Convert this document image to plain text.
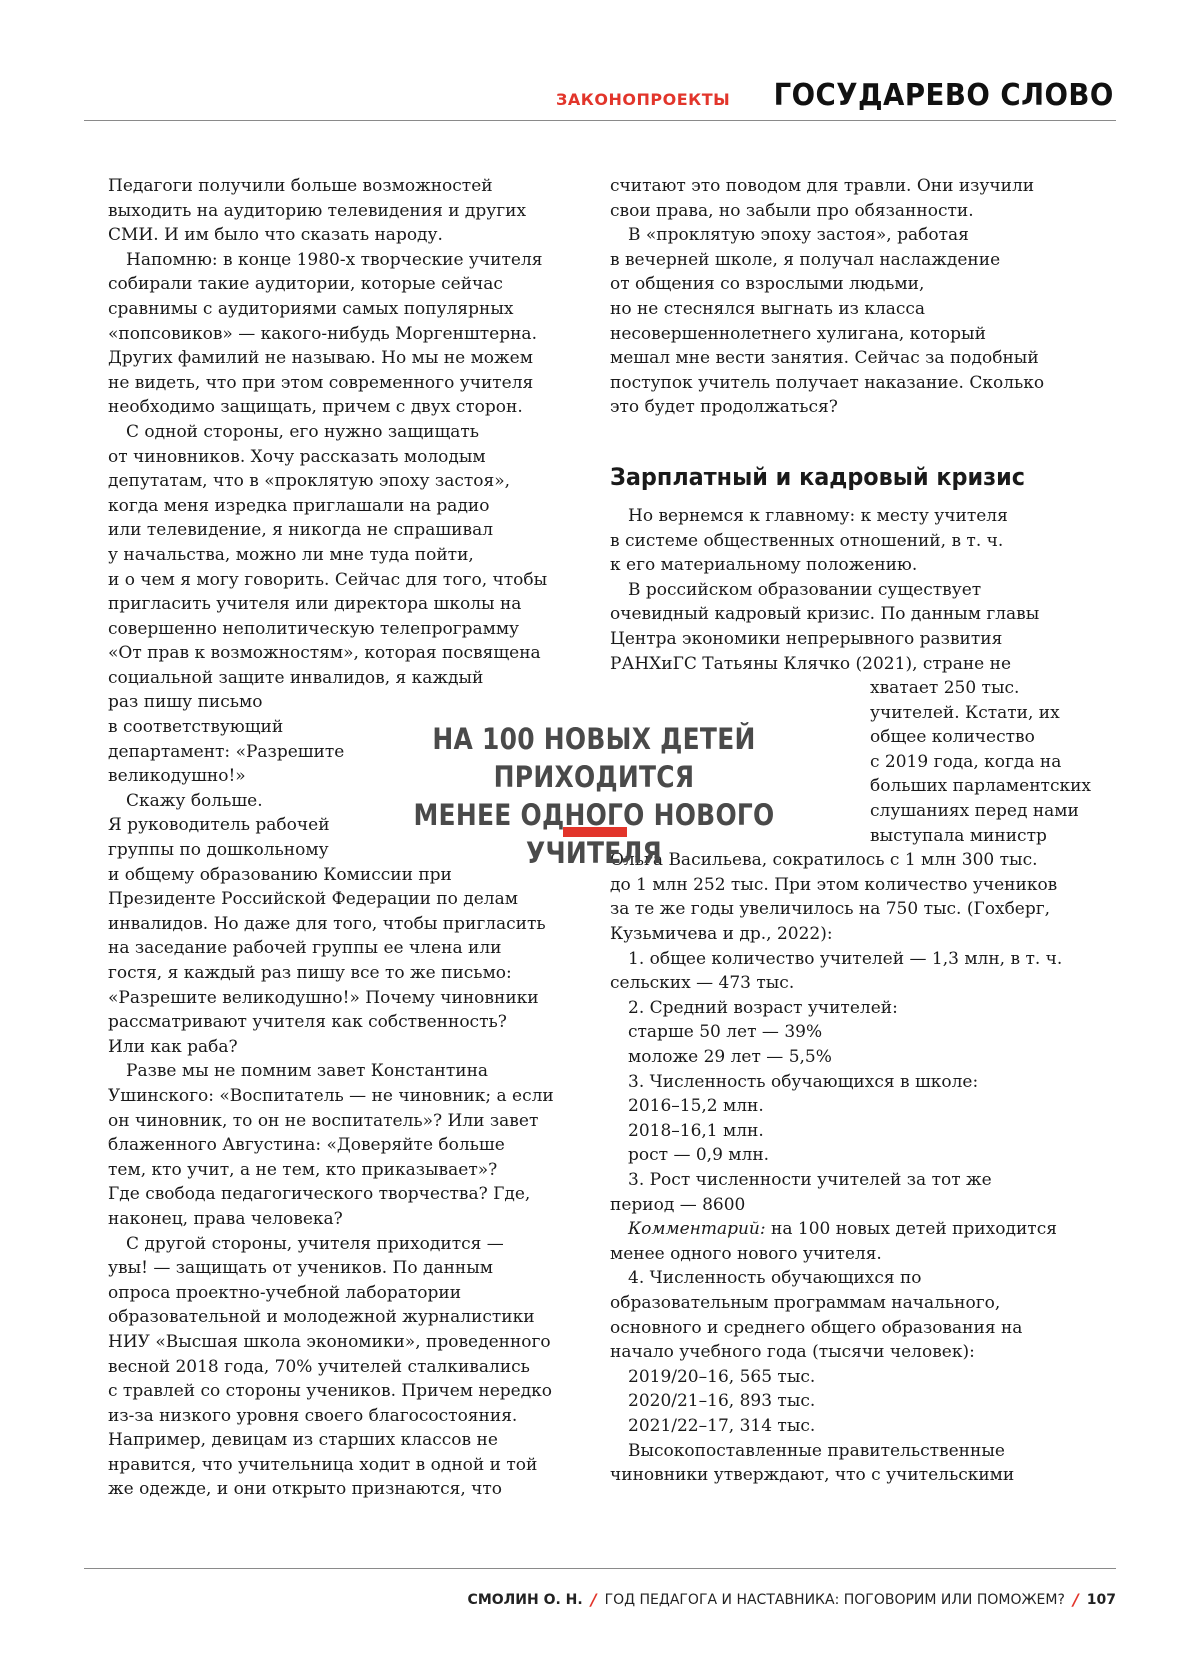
ЗАКОНОПРОЕКТЫ ГОСУДАРЕВО СЛОВО
Педагоги получили больше возможностей
выходить на аудиторию телевидения и других
СМИ. И им было что сказать народу.
Напомню: в конце 1980-х творческие учителя
собирали такие аудитории, которые сейчас
сравнимы с аудиториями самых популярных
«попсовиков» — какого-нибудь Моргенштерна.
Других фамилий не называю. Но мы не можем
не видеть, что при этом современного учителя
необходимо защищать, причем с двух сторон.
С одной стороны, его нужно защищать
от чиновников. Хочу рассказать молодым
депутатам, что в «проклятую эпоху застоя»,
когда меня изредка приглашали на радио
или телевидение, я никогда не спрашивал
у начальства, можно ли мне туда пойти,
и о чем я могу говорить. Сейчас для того, чтобы
пригласить учителя или директора школы на
совершенно неполитическую телепрограмму
«От прав к возможностям», которая посвящена
социальной защите инвалидов, я каждый
раз пишу письмо
в соответствующий
департамент: «Разрешите
великодушно!»
Скажу больше.
Я руководитель рабочей
группы по дошкольному
и общему образованию Комиссии при
Президенте Российской Федерации по делам
инвалидов. Но даже для того, чтобы пригласить
на заседание рабочей группы ее члена или
гостя, я каждый раз пишу все то же письмо:
«Разрешите великодушно!» Почему чиновники
рассматривают учителя как собственность?
Или как раба?
Разве мы не помним завет Константина
Ушинского: «Воспитатель — не чиновник; а если
он чиновник, то он не воспитатель»? Или завет
блаженного Августина: «Доверяйте больше
тем, кто учит, а не тем, кто приказывает»?
Где свобода педагогического творчества? Где,
наконец, права человека?
С другой стороны, учителя приходится —
увы! — защищать от учеников. По данным
опроса проектно-учебной лаборатории
образовательной и молодежной журналистики
НИУ «Высшая школа экономики», проведенного
весной 2018 года, 70% учителей сталкивались
с травлей со стороны учеников. Причем нередко
из-за низкого уровня своего благосостояния.
Например, девицам из старших классов не
нравится, что учительница ходит в одной и той
же одежде, и они открыто признаются, что
считают это поводом для травли. Они изучили
свои права, но забыли про обязанности.
В «проклятую эпоху застоя», работая
в вечерней школе, я получал наслаждение
от общения со взрослыми людьми,
но не стеснялся выгнать из класса
несовершеннолетнего хулигана, который
мешал мне вести занятия. Сейчас за подобный
поступок учитель получает наказание. Сколько
это будет продолжаться?
Зарплатный и кадровый кризис
Но вернемся к главному: к месту учителя
в системе общественных отношений, в т. ч.
к его материальному положению.
В российском образовании существует
очевидный кадровый кризис. По данным главы
Центра экономики непрерывного развития
РАНХиГС Татьяны Клячко (2021), стране не
хватает 250 тыс.
учителей. Кстати, их
общее количество
с 2019 года, когда на
больших парламентских
слушаниях перед нами
выступала министр
Ольга Васильева, сократилось с 1 млн 300 тыс.
до 1 млн 252 тыс. При этом количество учеников
за те же годы увеличилось на 750 тыс. (Гохберг,
Кузьмичева и др., 2022):
1. общее количество учителей — 1,3 млн, в т. ч.
сельских — 473 тыс.
2. Средний возраст учителей:
старше 50 лет — 39%
моложе 29 лет — 5,5%
3. Численность обучающихся в школе:
2016–15,2 млн.
2018–16,1 млн.
рост — 0,9 млн.
3. Рост численности учителей за тот же
период — 8600
Комментарий: на 100 новых детей приходится
менее одного нового учителя.
4. Численность обучающихся по
образовательным программам начального,
основного и среднего общего образования на
начало учебного года (тысячи человек):
2019/20–16, 565 тыс.
2020/21–16, 893 тыс.
2021/22–17, 314 тыс.
Высокопоставленные правительственные
чиновники утверждают, что с учительскими
НА 100 НОВЫХ ДЕТЕЙ ПРИХОДИТСЯ
МЕНЕЕ ОДНОГО НОВОГО УЧИТЕЛЯ
СМОЛИН О. Н. / ГОД ПЕДАГОГА И НАСТАВНИКА: ПОГОВОРИМ ИЛИ ПОМОЖЕМ? / 107
